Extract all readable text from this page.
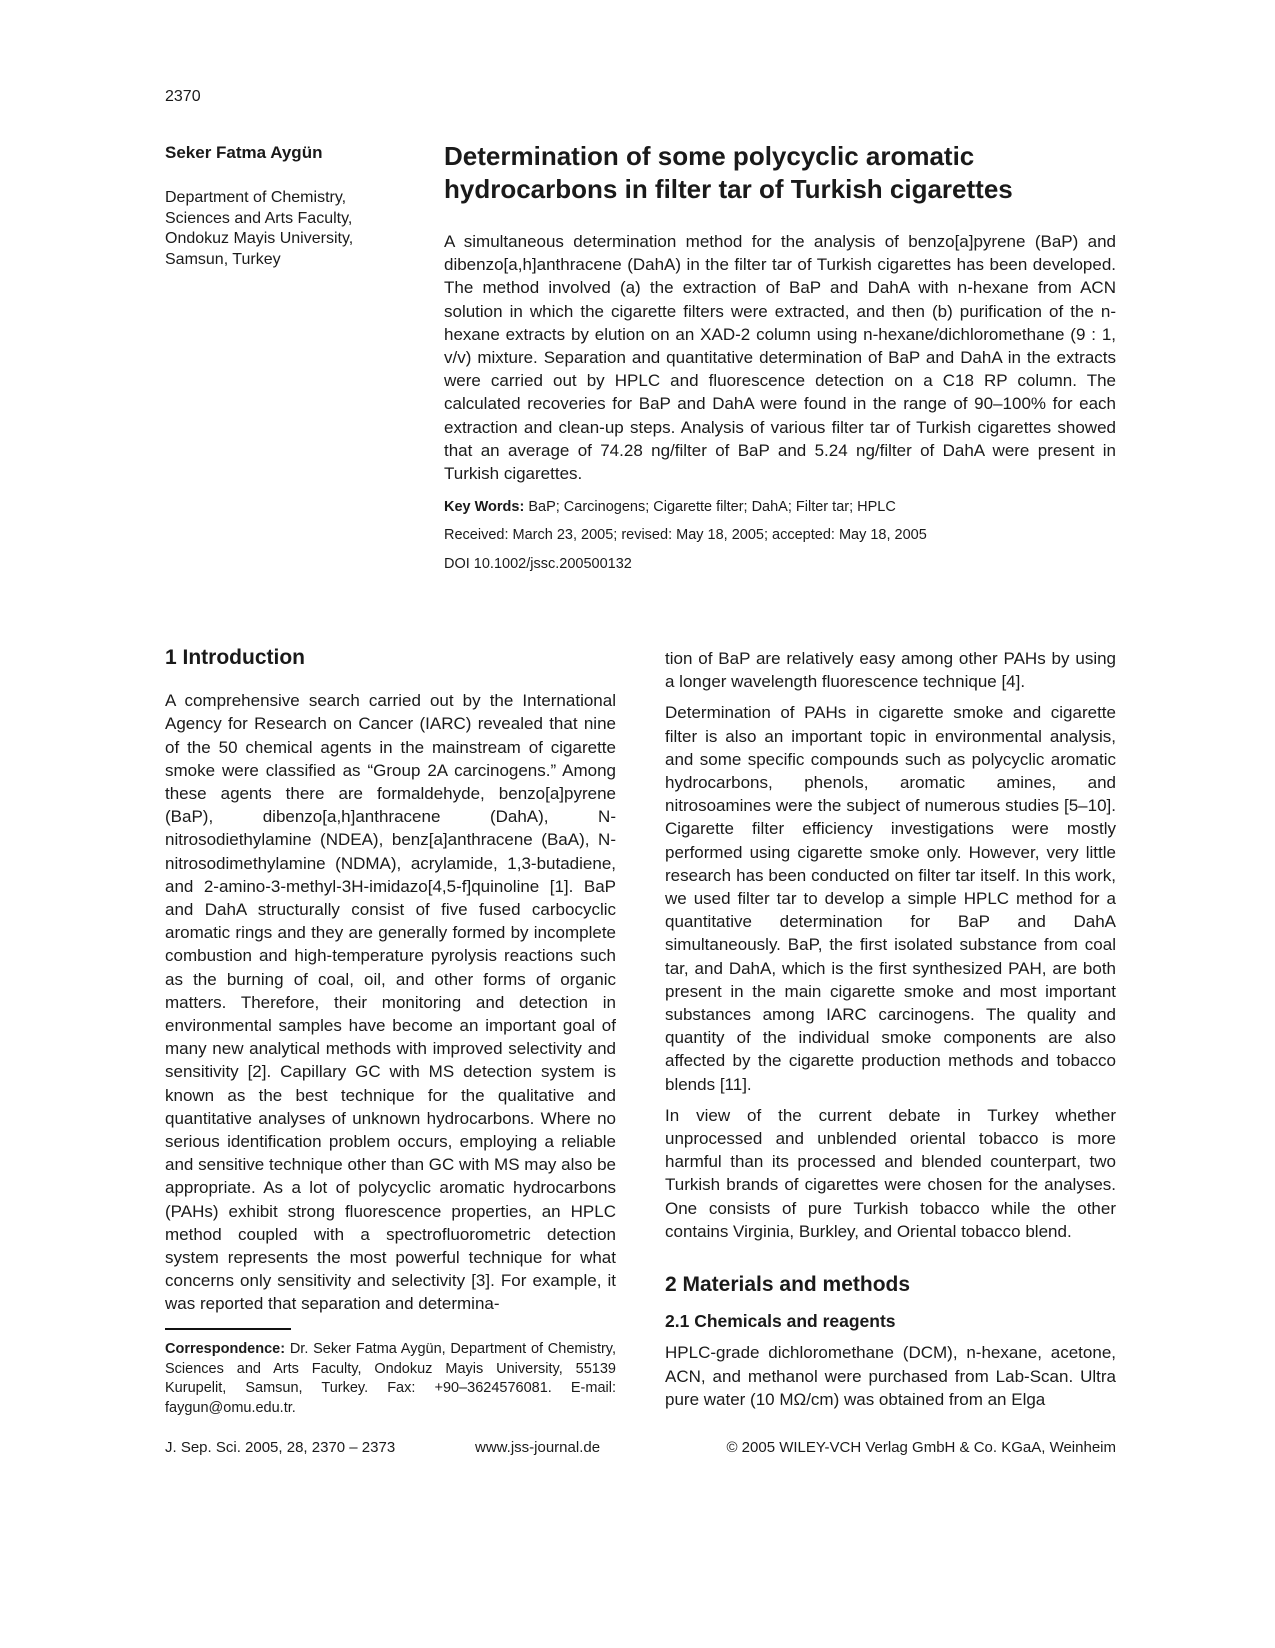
2370
Seker Fatma Aygün
Department of Chemistry,
Sciences and Arts Faculty,
Ondokuz Mayis University,
Samsun, Turkey
Determination of some polycyclic aromatic hydrocarbons in filter tar of Turkish cigarettes

A simultaneous determination method for the analysis of benzo[a]pyrene (BaP) and dibenzo[a,h]anthracene (DahA) in the filter tar of Turkish cigarettes has been developed. The method involved (a) the extraction of BaP and DahA with n-hexane from ACN solution in which the cigarette filters were extracted, and then (b) purification of the n-hexane extracts by elution on an XAD-2 column using n-hexane/dichloromethane (9 : 1, v/v) mixture. Separation and quantitative determination of BaP and DahA in the extracts were carried out by HPLC and fluorescence detection on a C18 RP column. The calculated recoveries for BaP and DahA were found in the range of 90–100% for each extraction and clean-up steps. Analysis of various filter tar of Turkish cigarettes showed that an average of 74.28 ng/filter of BaP and 5.24 ng/filter of DahA were present in Turkish cigarettes.

Key Words: BaP; Carcinogens; Cigarette filter; DahA; Filter tar; HPLC
Received: March 23, 2005; revised: May 18, 2005; accepted: May 18, 2005
DOI 10.1002/jssc.200500132
1 Introduction

A comprehensive search carried out by the International Agency for Research on Cancer (IARC) revealed that nine of the 50 chemical agents in the mainstream of cigarette smoke were classified as “Group 2A carcinogens.” Among these agents there are formaldehyde, benzo[a]pyrene (BaP), dibenzo[a,h]anthracene (DahA), N-nitrosodiethylamine (NDEA), benz[a]anthracene (BaA), N-nitrosodimethylamine (NDMA), acrylamide, 1,3-butadiene, and 2-amino-3-methyl-3H-imidazo[4,5-f]quinoline [1]. BaP and DahA structurally consist of five fused carbocyclic aromatic rings and they are generally formed by incomplete combustion and high-temperature pyrolysis reactions such as the burning of coal, oil, and other forms of organic matters. Therefore, their monitoring and detection in environmental samples have become an important goal of many new analytical methods with improved selectivity and sensitivity [2]. Capillary GC with MS detection system is known as the best technique for the qualitative and quantitative analyses of unknown hydrocarbons. Where no serious identification problem occurs, employing a reliable and sensitive technique other than GC with MS may also be appropriate. As a lot of polycyclic aromatic hydrocarbons (PAHs) exhibit strong fluorescence properties, an HPLC method coupled with a spectrofluorometric detection system represents the most powerful technique for what concerns only sensitivity and selectivity [3]. For example, it was reported that separation and determina-

tion of BaP are relatively easy among other PAHs by using a longer wavelength fluorescence technique [4].

Determination of PAHs in cigarette smoke and cigarette filter is also an important topic in environmental analysis, and some specific compounds such as polycyclic aromatic hydrocarbons, phenols, aromatic amines, and nitrosoamines were the subject of numerous studies [5–10]. Cigarette filter efficiency investigations were mostly performed using cigarette smoke only. However, very little research has been conducted on filter tar itself. In this work, we used filter tar to develop a simple HPLC method for a quantitative determination for BaP and DahA simultaneously. BaP, the first isolated substance from coal tar, and DahA, which is the first synthesized PAH, are both present in the main cigarette smoke and most important substances among IARC carcinogens. The quality and quantity of the individual smoke components are also affected by the cigarette production methods and tobacco blends [11].

In view of the current debate in Turkey whether unprocessed and unblended oriental tobacco is more harmful than its processed and blended counterpart, two Turkish brands of cigarettes were chosen for the analyses. One consists of pure Turkish tobacco while the other contains Virginia, Burkley, and Oriental tobacco blend.

2 Materials and methods
2.1 Chemicals and reagents

HPLC-grade dichloromethane (DCM), n-hexane, acetone, ACN, and methanol were purchased from Lab-Scan. Ultra pure water (10 MΩ/cm) was obtained from an Elga

Correspondence: Dr. Seker Fatma Aygün, Department of Chemistry, Sciences and Arts Faculty, Ondokuz Mayis University, 55139 Kurupelit, Samsun, Turkey. Fax: +90–3624576081. E-mail: faygun@omu.edu.tr.

J. Sep. Sci. 2005, 28, 2370 – 2373	www.jss-journal.de	© 2005 WILEY-VCH Verlag GmbH & Co. KGaA, Weinheim
